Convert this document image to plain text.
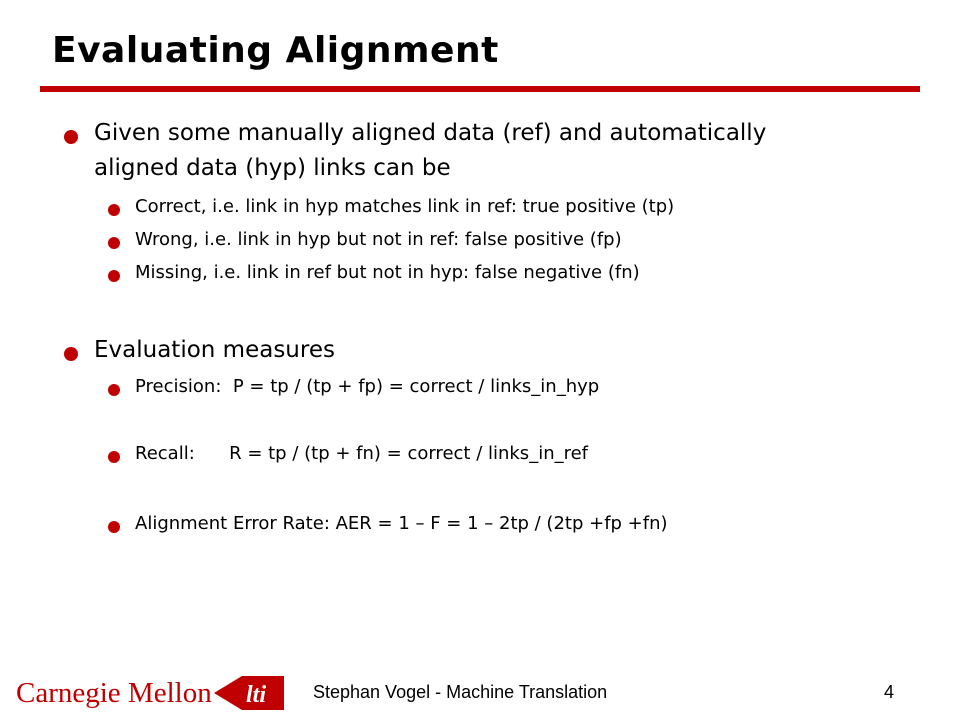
Evaluating Alignment
Given some manually aligned data (ref) and automatically
aligned data (hyp) links can be
Correct, i.e. link in hyp matches link in ref: true positive (tp)
Wrong, i.e. link in hyp but not in ref: false positive (fp)
Missing, i.e. link in ref but not in hyp: false negative (fn)
Evaluation measures
Precision:  P = tp / (tp + fp) = correct / links_in_hyp
Recall:      R = tp / (tp + fn) = correct / links_in_ref
Alignment Error Rate: AER = 1 – F = 1 – 2tp / (2tp +fp +fn)
Carnegie Mellon lti	Stephan Vogel - Machine Translation	4
